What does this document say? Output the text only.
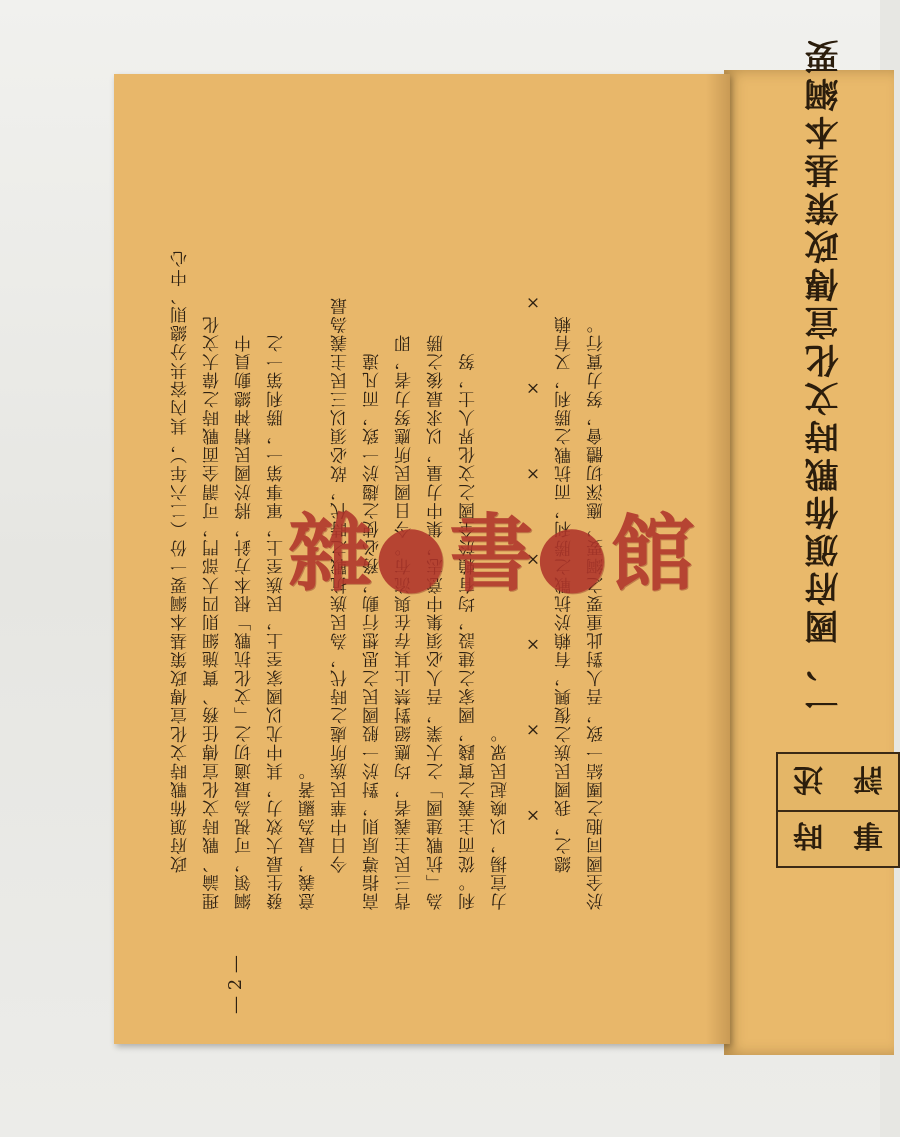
一、國府頒佈戰時文化宣傳政策基本綱要
述 評
時 事

政府頒佈戰時文化宣傳政策基本綱要一份（二六年），其內容共分總則、中心 理論、戰時文化宣傳任務、實施細則四大部門，可謂全面戰時之偉大文化 綱領，可視為最適切之「文化抗戰」根本方針，將於國民精神總動員中 發生最大效力，其中尤以國家至上，民族至上，軍事第一，勝利第一之 意義，最為顯著。 今日中華民族所處之時代，為民族抗戰之時代，故必須以三民主義為最 高指導原則，對於一般國民之思想行動，務必使之趨於一致，而凡違 背三民主義者，均應絕對禁止其存在與流布。今日國民所應努力者，即 為「抗戰建國」之大業，吾人必須集中意志，集中力量，以求最後之勝 利。從而主義之實踐，國家之建設，均有賴於全國之文化界人士，努 力宣揚，以喚起民眾。 × × × × × × × 總之，我國民族之復興，有賴於抗戰之勝利，而抗戰之勝利，又有賴 於全國同胞之團結一致，吾人對此重要之綱要，應深切體會，努力實行。

— 2 —
雜●書●館
